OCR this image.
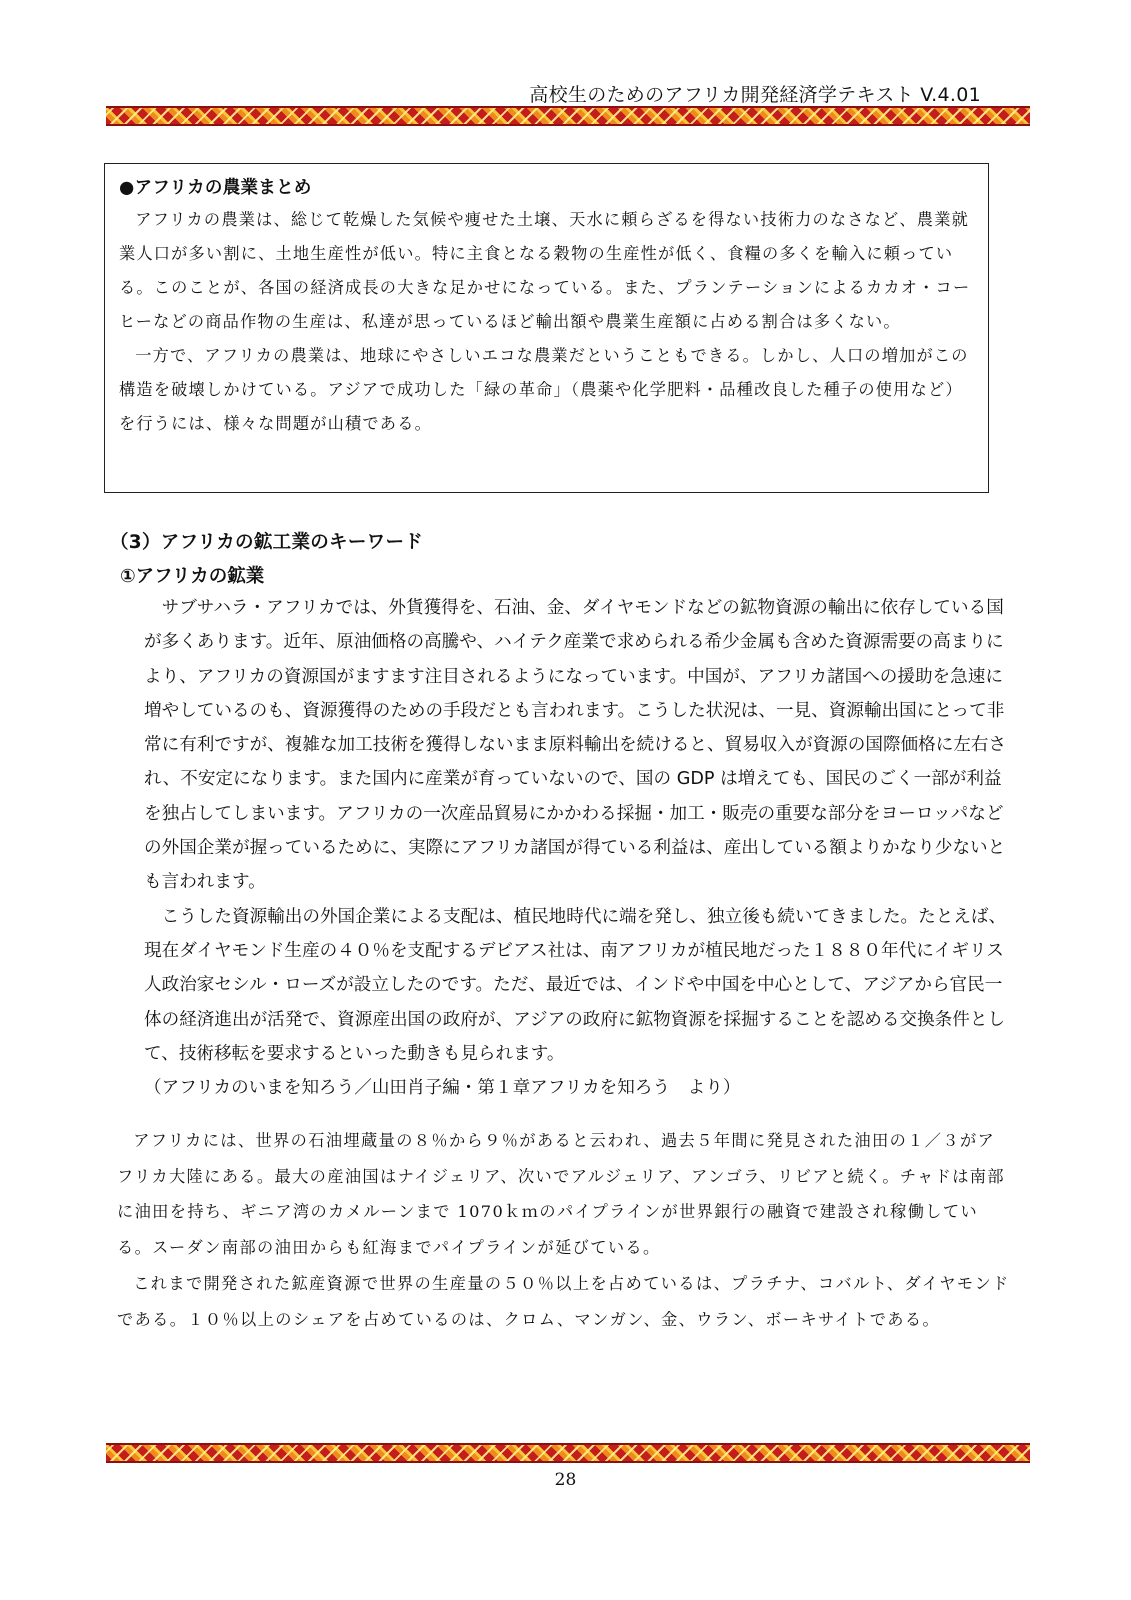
高校生のためのアフリカ開発経済学テキスト V.4.01

●アフリカの農業まとめ

アフリカの農業は、総じて乾燥した気候や痩せた土壌、天水に頼らざるを得ない技術力のなさなど、農業就業人口が多い割に、土地生産性が低い。特に主食となる穀物の生産性が低く、食糧の多くを輸入に頼っている。このことが、各国の経済成長の大きな足かせになっている。また、プランテーションによるカカオ・コーヒーなどの商品作物の生産は、私達が思っているほど輸出額や農業生産額に占める割合は多くない。

一方で、アフリカの農業は、地球にやさしいエコな農業だということもできる。しかし、人口の増加がこの構造を破壊しかけている。アジアで成功した「緑の革命」（農薬や化学肥料・品種改良した種子の使用など）を行うには、様々な問題が山積である。

（3）アフリカの鉱工業のキーワード
①アフリカの鉱業

サブサハラ・アフリカでは、外貨獲得を、石油、金、ダイヤモンドなどの鉱物資源の輸出に依存している国が多くあります。近年、原油価格の高騰や、ハイテク産業で求められる希少金属も含めた資源需要の高まりにより、アフリカの資源国がますます注目されるようになっています。中国が、アフリカ諸国への援助を急速に増やしているのも、資源獲得のための手段だとも言われます。こうした状況は、一見、資源輸出国にとって非常に有利ですが、複雑な加工技術を獲得しないまま原料輸出を続けると、貿易収入が資源の国際価格に左右され、不安定になります。また国内に産業が育っていないので、国の GDP は増えても、国民のごく一部が利益を独占してしまいます。アフリカの一次産品貿易にかかわる採掘・加工・販売の重要な部分をヨーロッパなどの外国企業が握っているために、実際にアフリカ諸国が得ている利益は、産出している額よりかなり少ないとも言われます。

こうした資源輸出の外国企業による支配は、植民地時代に端を発し、独立後も続いてきました。たとえば、現在ダイヤモンド生産の４０％を支配するデビアス社は、南アフリカが植民地だった１８８０年代にイギリス人政治家セシル・ローズが設立したのです。ただ、最近では、インドや中国を中心として、アジアから官民一体の経済進出が活発で、資源産出国の政府が、アジアの政府に鉱物資源を採掘することを認める交換条件として、技術移転を要求するといった動きも見られます。

（アフリカのいまを知ろう／山田肖子編・第１章アフリカを知ろう　より）

アフリカには、世界の石油埋蔵量の８％から９％があると云われ、過去５年間に発見された油田の１／３がアフリカ大陸にある。最大の産油国はナイジェリア、次いでアルジェリア、アンゴラ、リビアと続く。チャドは南部に油田を持ち、ギニア湾のカメルーンまで 1070ｋｍのパイプラインが世界銀行の融資で建設され稼働している。スーダン南部の油田からも紅海までパイプラインが延びている。

これまで開発された鉱産資源で世界の生産量の５０％以上を占めているは、プラチナ、コバルト、ダイヤモンドである。１０％以上のシェアを占めているのは、クロム、マンガン、金、ウラン、ボーキサイトである。

28
